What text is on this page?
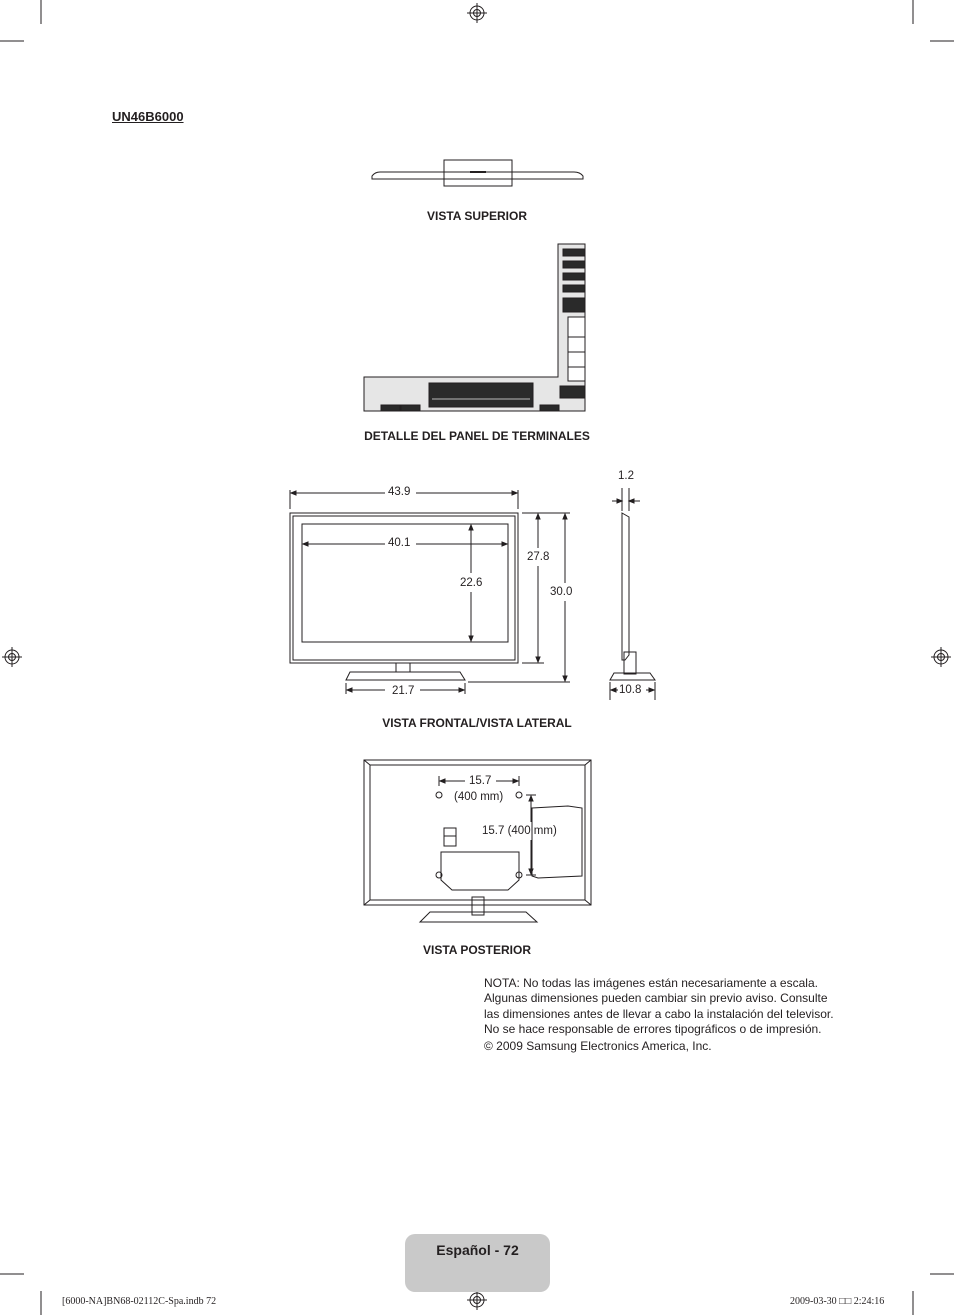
UN46B6000
VISTA SUPERIOR
DETALLE DEL PANEL DE TERMINALES
VISTA FRONTAL/VISTA LATERAL
VISTA POSTERIOR
43.9
40.1
22.6
27.8
30.0
21.7
1.2
10.8
15.7
(400 mm)
15.7 (400 mm)

NOTA: No todas las imágenes están necesariamente a escala. Algunas dimensiones pueden cambiar sin previo aviso. Consulte las dimensiones antes de llevar a cabo la instalación del televisor. No se hace responsable de errores tipográficos o de impresión.

© 2009 Samsung Electronics America, Inc.

Español - 72
[6000-NA]BN68-02112C-Spa.indb 72	2009-03-30 □□ 2:24:16
